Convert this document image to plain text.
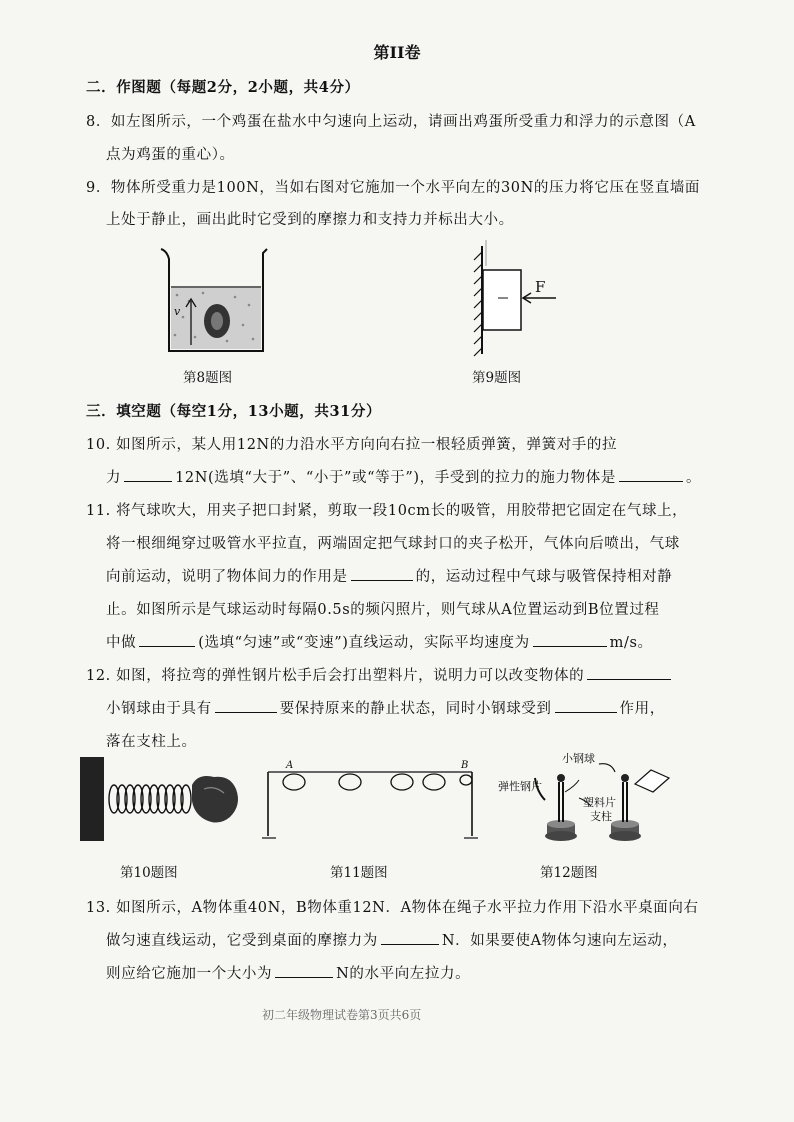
第II卷
二．作图题（每题2分，2小题，共4分）
8．如左图所示，一个鸡蛋在盐水中匀速向上运动，请画出鸡蛋所受重力和浮力的示意图（A
点为鸡蛋的重心）。
9．物体所受重力是100N，当如右图对它施加一个水平向左的30N的压力将它压在竖直墙面
上处于静止，画出此时它受到的摩擦力和支持力并标出大小。
v
第8题图
F
第9题图
三．填空题（每空1分，13小题，共31分）
10. 如图所示，某人用12N的力沿水平方向向右拉一根轻质弹簧，弹簧对手的拉
力	12N(选填“大于”、“小于”或“等于”)，手受到的拉力的施力物体是	。
11. 将气球吹大，用夹子把口封紧，剪取一段10cm长的吸管，用胶带把它固定在气球上，
将一根细绳穿过吸管水平拉直，两端固定把气球封口的夹子松开，气体向后喷出，气球
向前运动，说明了物体间力的作用是	的，运动过程中气球与吸管保持相对静
止。如图所示是气球运动时每隔0.5s的频闪照片，则气球从A位置运动到B位置过程
中做	(选填“匀速”或“变速”)直线运动，实际平均速度为	m/s。
12. 如图，将拉弯的弹性钢片松手后会打出塑料片，说明力可以改变物体的
小钢球由于具有	要保持原来的静止状态，同时小钢球受到	作用，
落在支柱上。
第10题图
A	B
第11题图
小钢球
弹性钢片
塑料片
支柱
第12题图
13. 如图所示，A物体重40N，B物体重12N．A物体在绳子水平拉力作用下沿水平桌面向右
做匀速直线运动，它受到桌面的摩擦力为	N．如果要使A物体匀速向左运动，
则应给它施加一个大小为	N的水平向左拉力。
初二年级物理试卷第3页共6页
